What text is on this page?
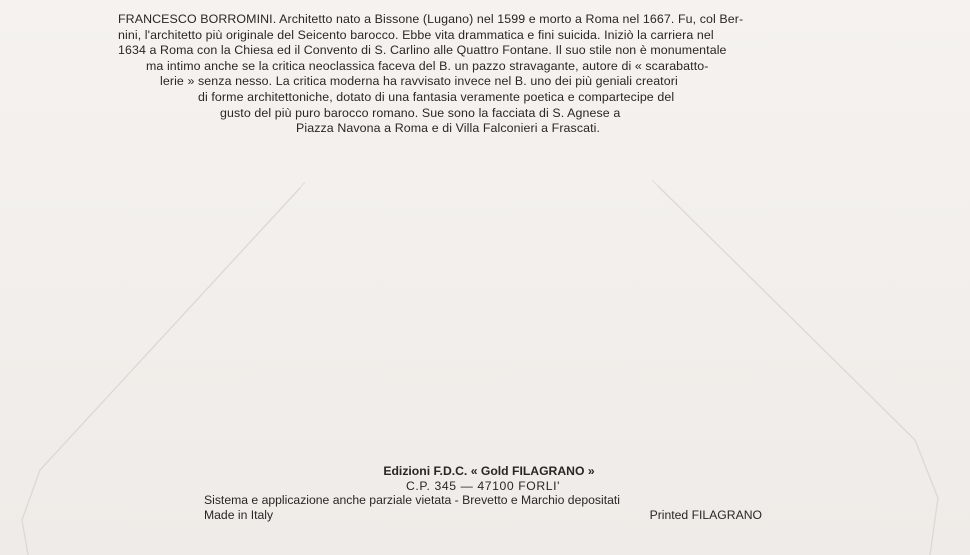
FRANCESCO BORROMINI. Architetto nato a Bissone (Lugano) nel 1599 e morto a Roma nel 1667. Fu, col Ber-
nini, l'architetto più originale del Seicento barocco. Ebbe vita drammatica e fini suicida. Iniziò la carriera nel
1634 a Roma con la Chiesa ed il Convento di S. Carlino alle Quattro Fontane. Il suo stile non è monumentale
ma intimo anche se la critica neoclassica faceva del B. un pazzo stravagante, autore di « scarabatto-
lerie » senza nesso. La critica moderna ha ravvisato invece nel B. uno dei più geniali creatori
di forme architettoniche, dotato di una fantasia veramente poetica e compartecipe del
gusto del più puro barocco romano. Sue sono la facciata di S. Agnese a
Piazza Navona a Roma e di Villa Falconieri a Frascati.
Edizioni F.D.C. « Gold FILAGRANO »
C.P. 345 — 47100 FORLI'
Sistema e applicazione anche parziale vietata - Brevetto e Marchio depositati
Made in Italy	Printed FILAGRANO
